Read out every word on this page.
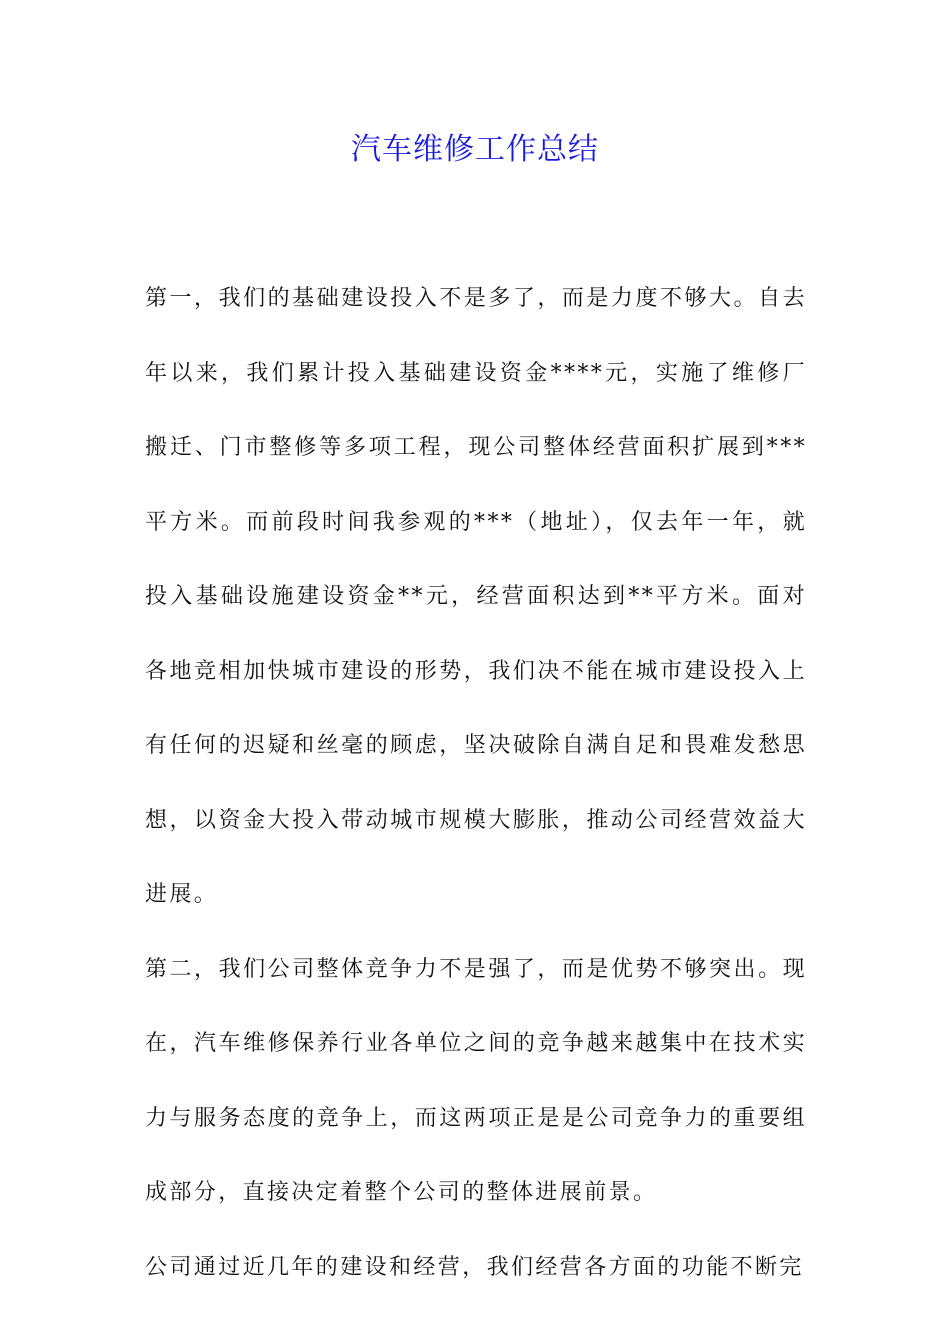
汽车维修工作总结

第一，我们的基础建设投入不是多了，而是力度不够大。自去年以来，我们累计投入基础建设资金****元，实施了维修厂搬迁、门市整修等多项工程，现公司整体经营面积扩展到***平方米。而前段时间我参观的***（地址），仅去年一年，就投入基础设施建设资金**元，经营面积达到**平方米。面对各地竞相加快城市建设的形势，我们决不能在城市建设投入上有任何的迟疑和丝毫的顾虑，坚决破除自满自足和畏难发愁思想，以资金大投入带动城市规模大膨胀，推动公司经营效益大进展。

第二，我们公司整体竞争力不是强了，而是优势不够突出。现在，汽车维修保养行业各单位之间的竞争越来越集中在技术实力与服务态度的竞争上，而这两项正是是公司竞争力的重要组成部分，直接决定着整个公司的整体进展前景。

公司通过近几年的建设和经营，我们经营各方面的功能不断完
